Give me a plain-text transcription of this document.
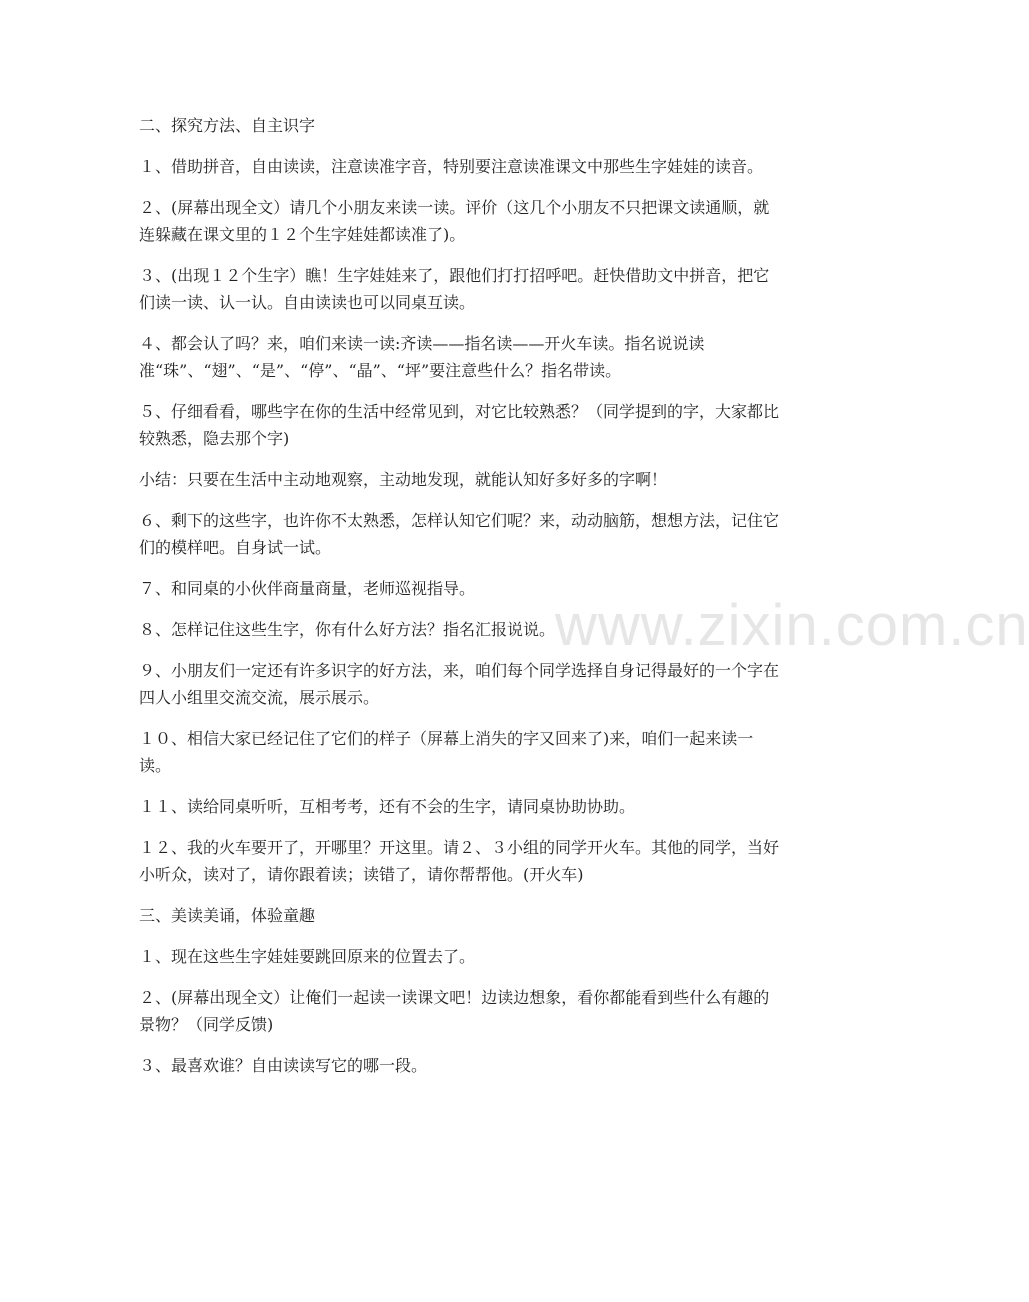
二、探究方法、自主识字

１、借助拼音，自由读读，注意读准字音，特别要注意读准课文中那些生字娃娃的读音。

２、(屏幕出现全文）请几个小朋友来读一读。评价（这几个小朋友不只把课文读通顺，就连躲藏在课文里的１２个生字娃娃都读准了)。

３、(出现１２个生字）瞧！生字娃娃来了，跟他们打打招呼吧。赶快借助文中拼音，把它们读一读、认一认。自由读读也可以同桌互读。

４、都会认了吗？来，咱们来读一读:齐读——指名读——开火车读。指名说说读准“珠”、“翅”、“是”、“停”、“晶”、“坪”要注意些什么？指名带读。

５、仔细看看，哪些字在你的生活中经常见到，对它比较熟悉？（同学提到的字，大家都比较熟悉，隐去那个字)

小结：只要在生活中主动地观察，主动地发现，就能认知好多好多的字啊！

６、剩下的这些字，也许你不太熟悉，怎样认知它们呢？来，动动脑筋，想想方法，记住它们的模样吧。自身试一试。

７、和同桌的小伙伴商量商量，老师巡视指导。

８、怎样记住这些生字，你有什么好方法？指名汇报说说。

９、小朋友们一定还有许多识字的好方法，来，咱们每个同学选择自身记得最好的一个字在四人小组里交流交流，展示展示。

１０、相信大家已经记住了它们的样子（屏幕上消失的字又回来了)来，咱们一起来读一读。

１１、读给同桌听听，互相考考，还有不会的生字，请同桌协助协助。

１２、我的火车要开了，开哪里？开这里。请２、３小组的同学开火车。其他的同学，当好小听众，读对了，请你跟着读；读错了，请你帮帮他。(开火车)

三、美读美诵，体验童趣

１、现在这些生字娃娃要跳回原来的位置去了。

２、(屏幕出现全文）让俺们一起读一读课文吧！边读边想象，看你都能看到些什么有趣的景物？（同学反馈)

３、最喜欢谁？自由读读写它的哪一段。

www.zixin.com.cn
